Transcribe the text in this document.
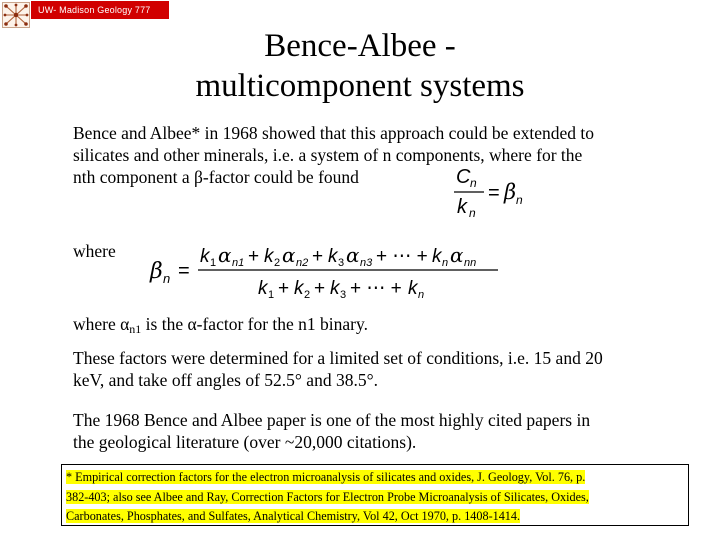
UW- Madison Geology 777
Bence-Albee -
multicomponent systems
Bence and Albee* in 1968 showed that this approach could be extended to
silicates and other minerals, i.e. a system of n components, where for the
nth component a β-factor could be found	C n
k n
= β n
where
β n =
k 1 α n1 + k 2 α n2 + k 3 α n3 + ⋯ + k n α nn
k 1 + k 2 + k 3 + ⋯ + k n
where $\alpha_{n1}$ is the α-factor for the n1 binary.
These factors were determined for a limited set of conditions, i.e. 15 and 20
keV, and take off angles of 52.5° and 38.5°.
The 1968 Bence and Albee paper is one of the most highly cited papers in
the geological literature (over ~20,000 citations).
* Empirical correction factors for the electron microanalysis of silicates and oxides, J. Geology, Vol. 76, p.
382-403; also see Albee and Ray, Correction Factors for Electron Probe Microanalysis of Silicates, Oxides,
Carbonates, Phosphates, and Sulfates, Analytical Chemistry, Vol 42, Oct 1970, p. 1408-1414.
